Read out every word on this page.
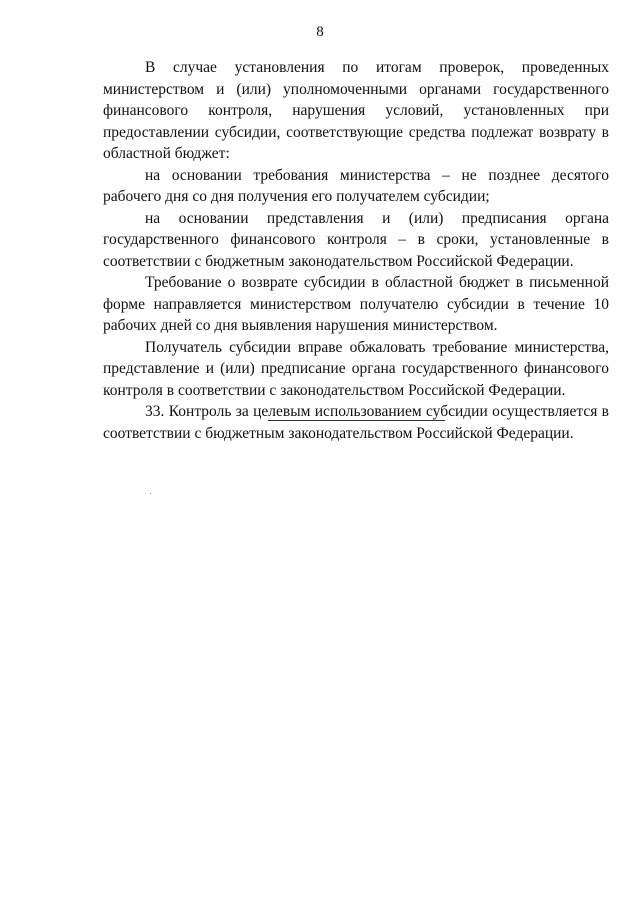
8

В случае установления по итогам проверок, проведенных министерством и (или) уполномоченными органами государственного финансового контроля, нарушения условий, установленных при предоставлении субсидии, соответствующие средства подлежат возврату в областной бюджет:

на основании требования министерства – не позднее десятого рабочего дня со дня получения его получателем субсидии;

на основании представления и (или) предписания органа государственного финансового контроля – в сроки, установленные в соответствии с бюджетным законодательством Российской Федерации.

Требование о возврате субсидии в областной бюджет в письменной форме направляется министерством получателю субсидии в течение 10 рабочих дней со дня выявления нарушения министерством.

Получатель субсидии вправе обжаловать требование министерства, представление и (или) предписание органа государственного финансового контроля в соответствии с законодательством Российской Федерации.

33. Контроль за целевым использованием субсидии осуществляется в соответствии с бюджетным законодательством Российской Федерации.
